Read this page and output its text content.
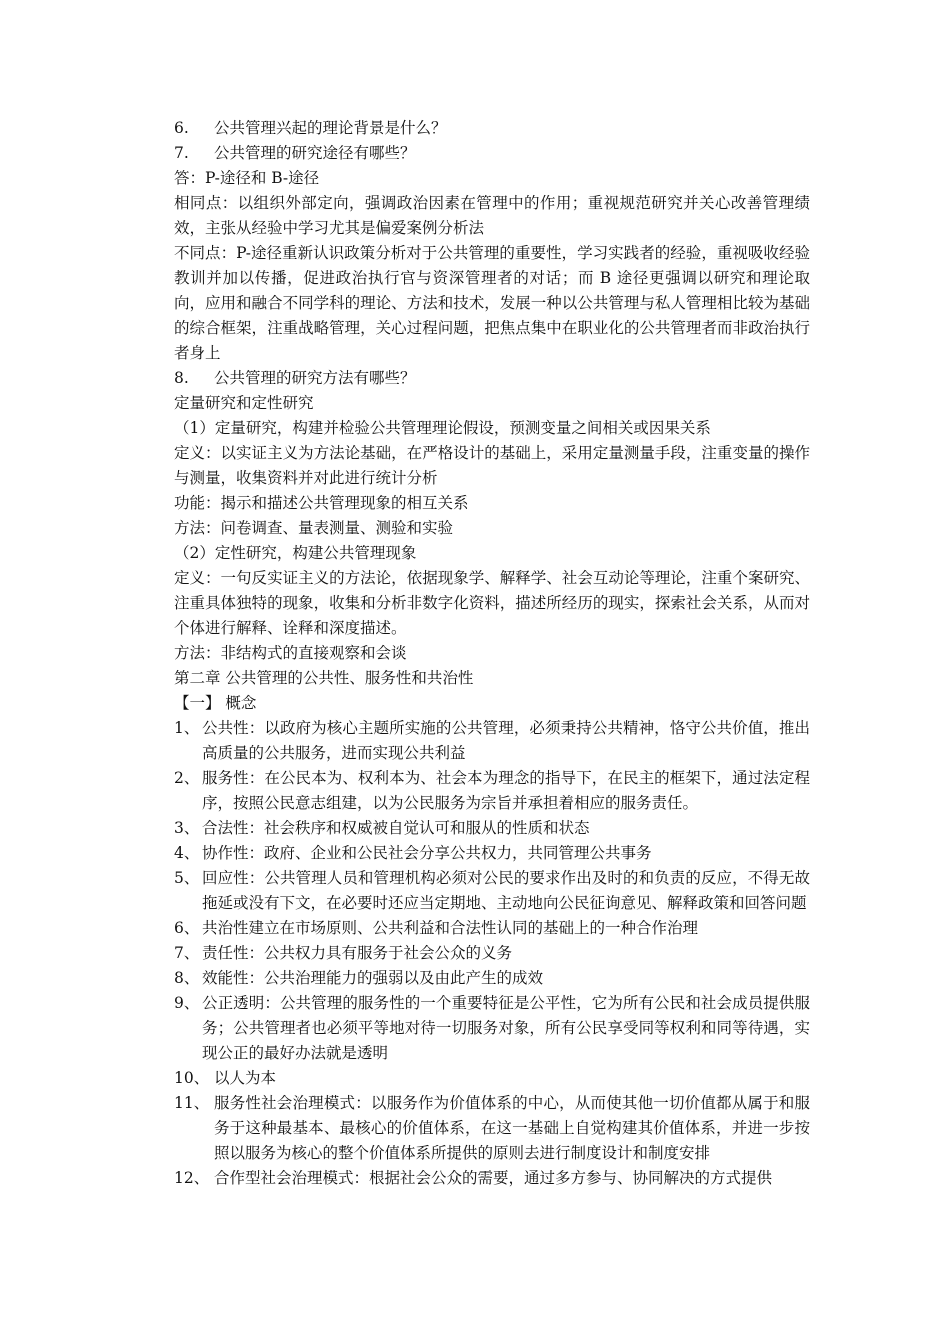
6.	公共管理兴起的理论背景是什么？
7.	公共管理的研究途径有哪些？
答：P-途径和 B-途径
相同点：以组织外部定向，强调政治因素在管理中的作用；重视规范研究并关心改善管理绩效，主张从经验中学习尤其是偏爱案例分析法
不同点：P-途径重新认识政策分析对于公共管理的重要性，学习实践者的经验，重视吸收经验教训并加以传播，促进政治执行官与资深管理者的对话；而 B 途径更强调以研究和理论取向，应用和融合不同学科的理论、方法和技术，发展一种以公共管理与私人管理相比较为基础的综合框架，注重战略管理，关心过程问题，把焦点集中在职业化的公共管理者而非政治执行者身上
8.	公共管理的研究方法有哪些？
定量研究和定性研究
（1）定量研究，构建并检验公共管理理论假设，预测变量之间相关或因果关系
定义：以实证主义为方法论基础，在严格设计的基础上，采用定量测量手段，注重变量的操作与测量，收集资料并对此进行统计分析
功能：揭示和描述公共管理现象的相互关系
方法：问卷调查、量表测量、测验和实验
（2）定性研究，构建公共管理现象
定义：一句反实证主义的方法论，依据现象学、解释学、社会互动论等理论，注重个案研究、注重具体独特的现象，收集和分析非数字化资料，描述所经历的现实，探索社会关系，从而对个体进行解释、诠释和深度描述。
方法：非结构式的直接观察和会谈
第二章 公共管理的公共性、服务性和共治性
【一】 概念
1、 公共性：以政府为核心主题所实施的公共管理，必须秉持公共精神，恪守公共价值，推出高质量的公共服务，进而实现公共利益
2、 服务性：在公民本为、权利本为、社会本为理念的指导下，在民主的框架下，通过法定程序，按照公民意志组建，以为公民服务为宗旨并承担着相应的服务责任。
3、 合法性：社会秩序和权威被自觉认可和服从的性质和状态
4、 协作性：政府、企业和公民社会分享公共权力，共同管理公共事务
5、 回应性：公共管理人员和管理机构必须对公民的要求作出及时的和负责的反应，不得无故拖延或没有下文，在必要时还应当定期地、主动地向公民征询意见、解释政策和回答问题
6、 共治性建立在市场原则、公共利益和合法性认同的基础上的一种合作治理
7、 责任性：公共权力具有服务于社会公众的义务
8、 效能性：公共治理能力的强弱以及由此产生的成效
9、 公正透明：公共管理的服务性的一个重要特征是公平性，它为所有公民和社会成员提供服务；公共管理者也必须平等地对待一切服务对象，所有公民享受同等权利和同等待遇，实现公正的最好办法就是透明
10、 以人为本
11、 服务性社会治理模式：以服务作为价值体系的中心，从而使其他一切价值都从属于和服务于这种最基本、最核心的价值体系，在这一基础上自觉构建其价值体系，并进一步按照以服务为核心的整个价值体系所提供的原则去进行制度设计和制度安排
12、 合作型社会治理模式：根据社会公众的需要，通过多方参与、协同解决的方式提供
